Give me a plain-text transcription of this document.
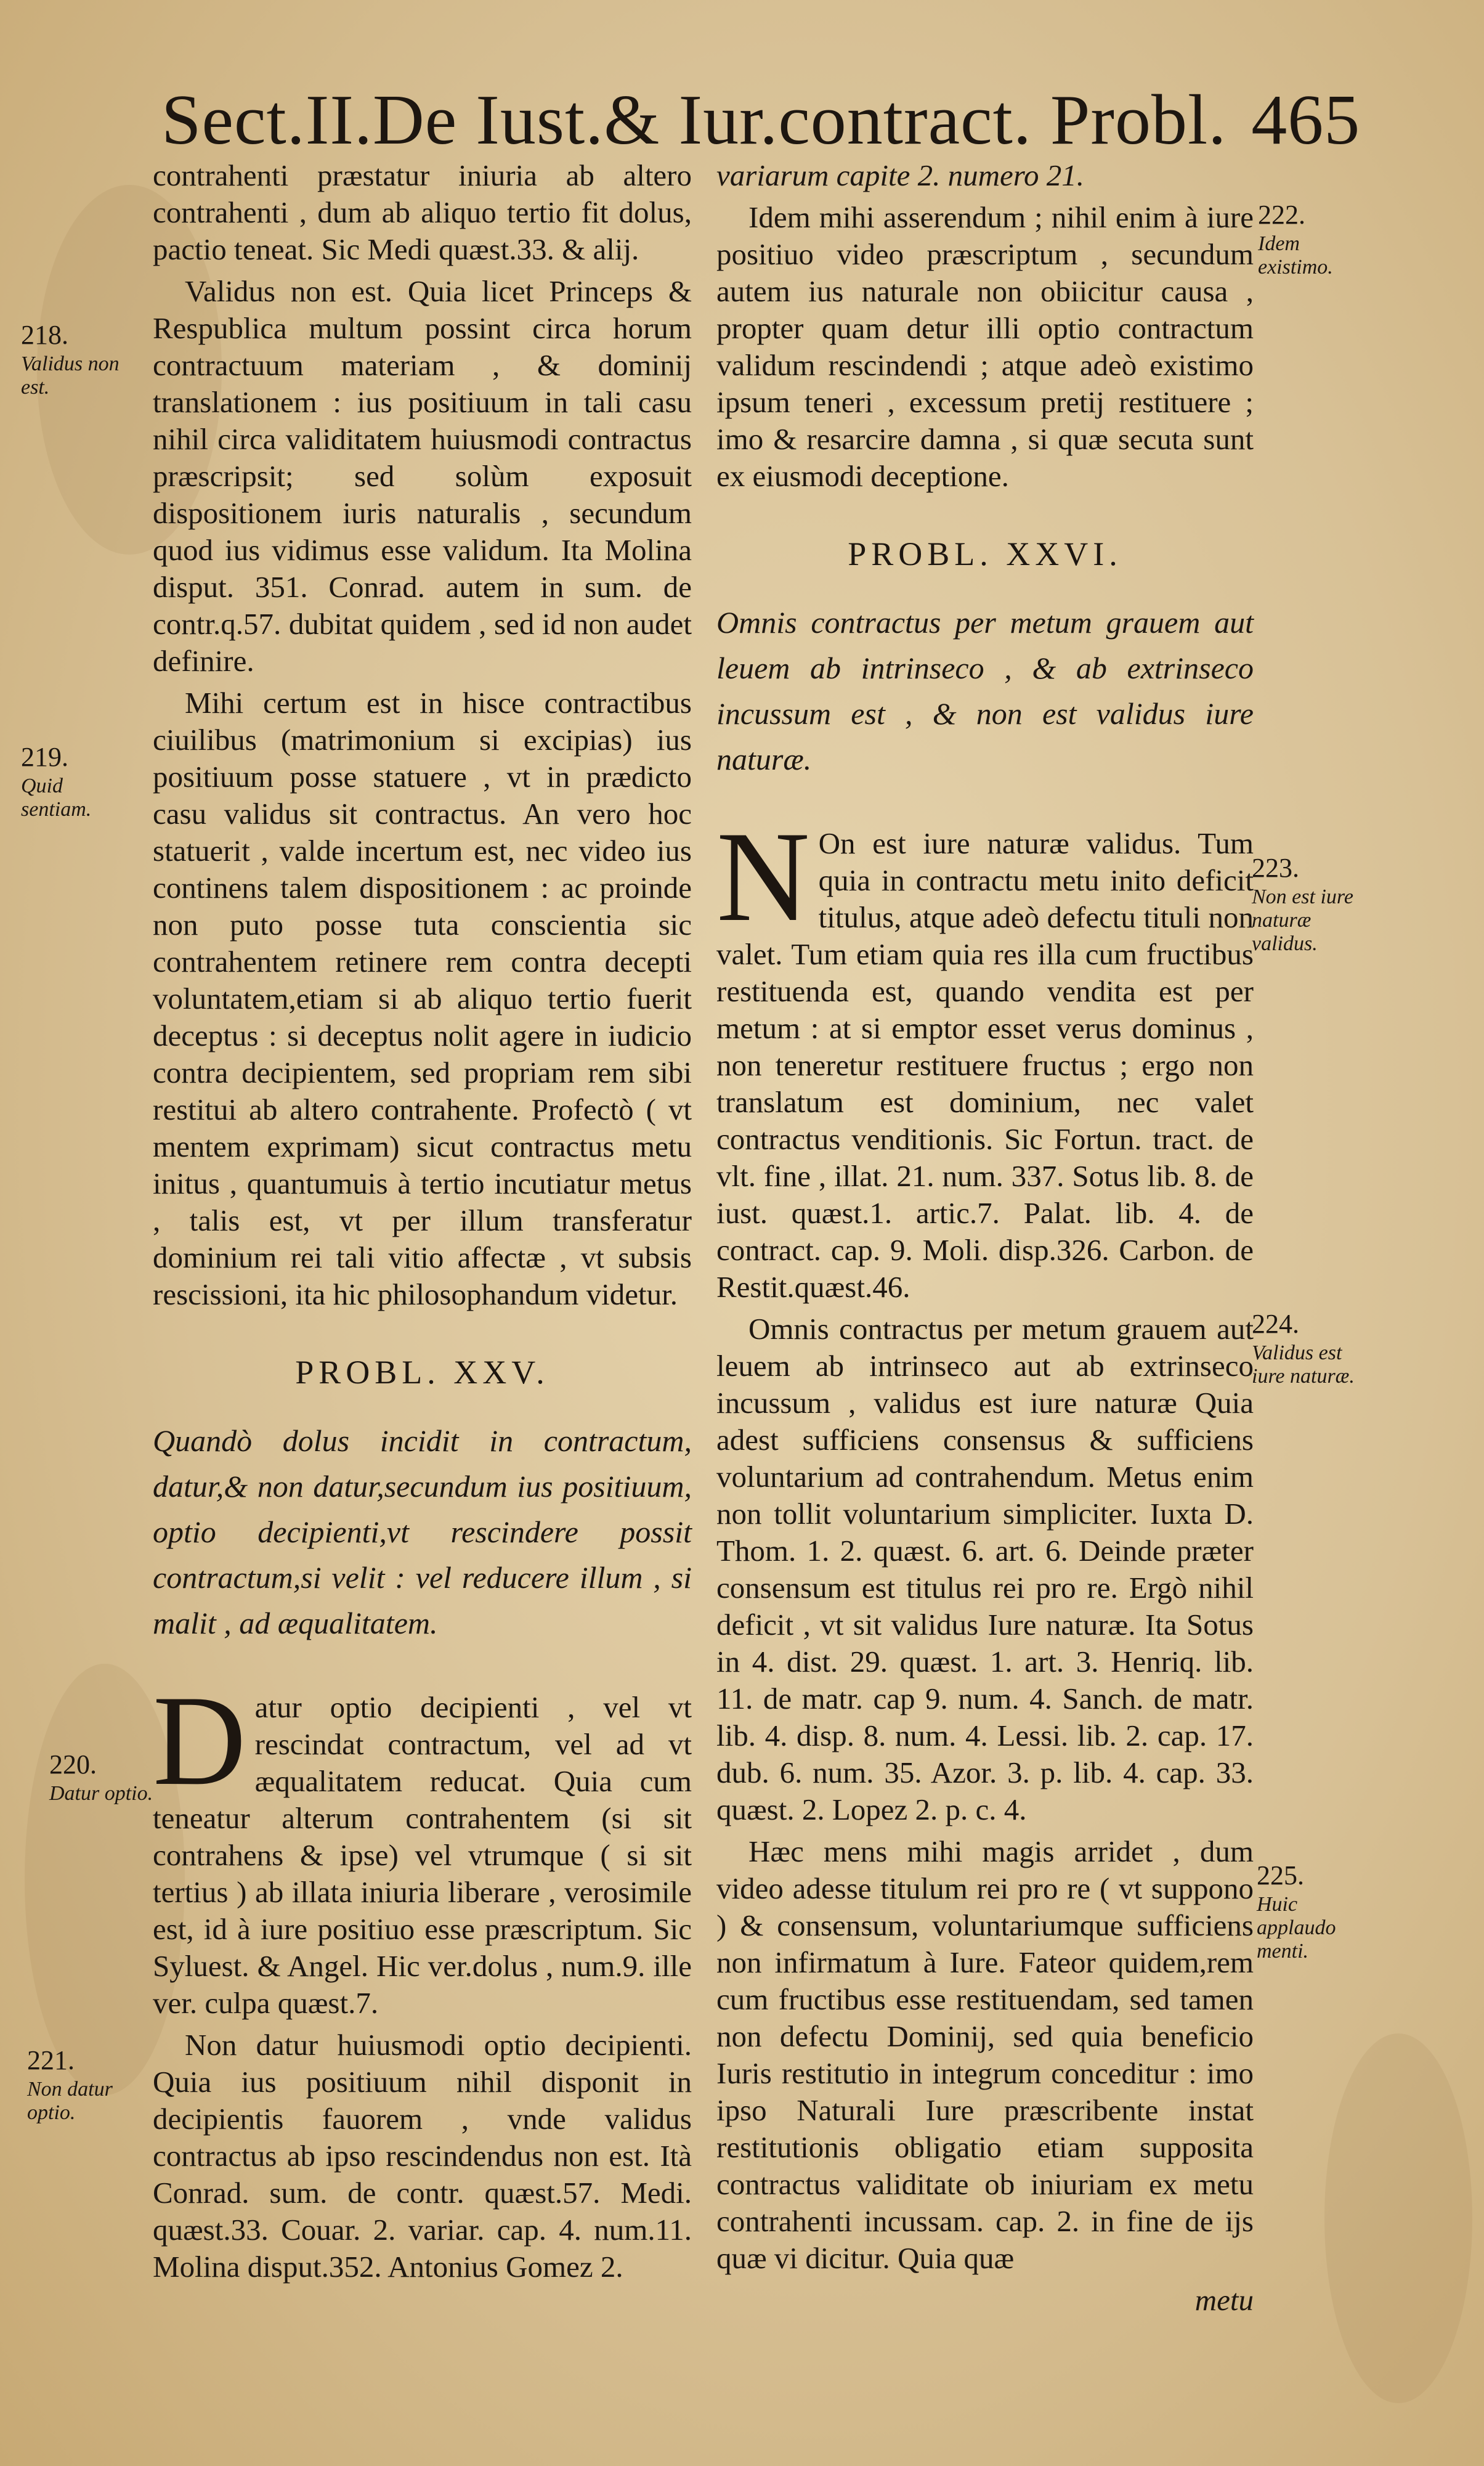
Sect.II.De Iust.& Iur.contract. Probl. 465
218.
Validus non est.
219.
Quid sentiam.
220.
Datur optio.
221.
Non datur optio.
222.
Idem existimo.
223.
Non est iure naturæ validus.
224.
Validus est iure naturæ.
225.
Huic applaudo menti.

contrahenti præstatur iniuria ab altero contrahenti , dum ab aliquo tertio fit dolus, pactio teneat. Sic Medi quæst.33. & alij.

Validus non est. Quia licet Princeps & Respublica multum possint circa horum contractuum materiam , & dominij translationem : ius positiuum in tali casu nihil circa validitatem huiusmodi contractus præscripsit; sed solùm exposuit dispositionem iuris naturalis , secundum quod ius vidimus esse validum. Ita Molina disput. 351. Conrad. autem in sum. de contr.q.57. dubitat quidem , sed id non audet definire.

Mihi certum est in hisce contractibus ciuilibus (matrimonium si excipias) ius positiuum posse statuere , vt in prædicto casu validus sit contractus. An vero hoc statuerit , valde incertum est, nec video ius continens talem dispositionem : ac proinde non puto posse tuta conscientia sic contrahentem retinere rem contra decepti voluntatem,etiam si ab aliquo tertio fuerit deceptus : si deceptus nolit agere in iudicio contra decipientem, sed propriam rem sibi restitui ab altero contrahente. Profectò ( vt mentem exprimam) sicut contractus metu initus , quantumuis à tertio incutiatur metus , talis est, vt per illum transferatur dominium rei tali vitio affectæ , vt subsis rescissioni, ita hic philosophandum videtur.

PROBL. XXV.
Quandò dolus incidit in contractum, datur,& non datur,secundum ius positiuum, optio decipienti,vt rescindere possit contractum,si velit : vel reducere illum , si malit , ad æqualitatem.

Datur optio decipienti , vel vt rescindat contractum, vel ad vt æqualitatem reducat. Quia cum teneatur alterum contrahentem (si sit contrahens & ipse) vel vtrumque ( si sit tertius ) ab illata iniuria liberare , verosimile est, id à iure positiuo esse præscriptum. Sic Syluest. & Angel. Hic ver.dolus , num.9. ille ver. culpa quæst.7.

Non datur huiusmodi optio decipienti. Quia ius positiuum nihil disponit in decipientis fauorem , vnde validus contractus ab ipso rescindendus non est. Ità Conrad. sum. de contr. quæst.57. Medi. quæst.33. Couar. 2. variar. cap. 4. num.11. Molina disput.352. Antonius Gomez 2.

variarum capite 2. numero 21.

Idem mihi asserendum ; nihil enim à iure positiuo video præscriptum , secundum autem ius naturale non obiicitur causa , propter quam detur illi optio contractum validum rescindendi ; atque adeò existimo ipsum teneri , excessum pretij restituere ; imo & resarcire damna , si quæ secuta sunt ex eiusmodi deceptione.

PROBL. XXVI.
Omnis contractus per metum grauem aut leuem ab intrinseco , & ab extrinseco incussum est , & non est validus iure naturæ.

N On est iure naturæ validus. Tum quia in contractu metu inito deficit titulus, atque adeò defectu tituli non valet. Tum etiam quia res illa cum fructibus restituenda est, quando vendita est per metum : at si emptor esset verus dominus , non teneretur restituere fructus ; ergo non translatum est dominium, nec valet contractus venditionis. Sic Fortun. tract. de vlt. fine , illat. 21. num. 337. Sotus lib. 8. de iust. quæst.1. artic.7. Palat. lib. 4. de contract. cap. 9. Moli. disp.326. Carbon. de Restit.quæst.46.

Omnis contractus per metum grauem aut leuem ab intrinseco aut ab extrinseco incussum , validus est iure naturæ Quia adest sufficiens consensus & sufficiens voluntarium ad contrahendum. Metus enim non tollit voluntarium simpliciter. Iuxta D. Thom. 1. 2. quæst. 6. art. 6. Deinde præter consensum est titulus rei pro re. Ergò nihil deficit , vt sit validus Iure naturæ. Ita Sotus in 4. dist. 29. quæst. 1. art. 3. Henriq. lib. 11. de matr. cap 9. num. 4. Sanch. de matr. lib. 4. disp. 8. num. 4. Lessi. lib. 2. cap. 17. dub. 6. num. 35. Azor. 3. p. lib. 4. cap. 33. quæst. 2. Lopez 2. p. c. 4.

Hæc mens mihi magis arridet , dum video adesse titulum rei pro re ( vt suppono ) & consensum, voluntariumque sufficiens non infirmatum à Iure. Fateor quidem,rem cum fructibus esse restituendam, sed tamen non defectu Dominij, sed quia beneficio Iuris restitutio in integrum conceditur : imo ipso Naturali Iure præscribente instat restitutionis obligatio etiam supposita contractus validitate ob iniuriam ex metu contrahenti incussam. cap. 2. in fine de ijs quæ vi dicitur. Quia quæ

metu
